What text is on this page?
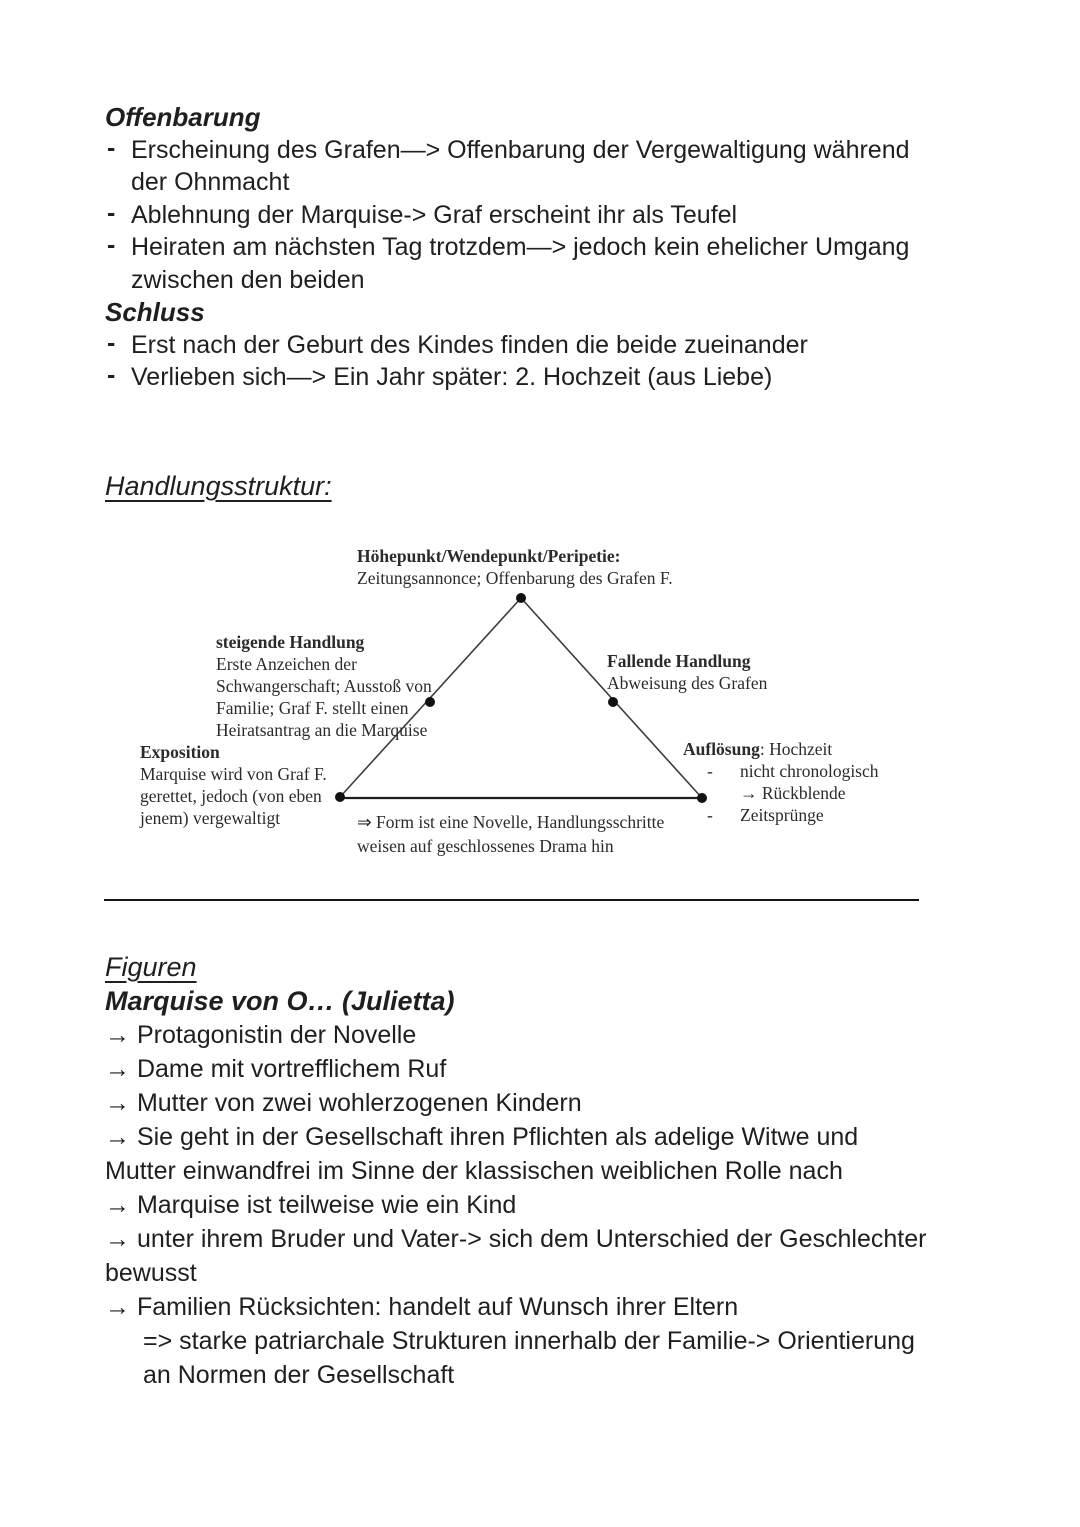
Offenbarung
- Erscheinung des Grafen—> Offenbarung der Vergewaltigung während
der Ohnmacht
- Ablehnung der Marquise-> Graf erscheint ihr als Teufel
- Heiraten am nächsten Tag trotzdem—> jedoch kein ehelicher Umgang
zwischen den beiden
Schluss
- Erst nach der Geburt des Kindes finden die beide zueinander
- Verlieben sich—> Ein Jahr später: 2. Hochzeit (aus Liebe)
Handlungsstruktur:
Höhepunkt/Wendepunkt/Peripetie:
Zeitungsannonce; Offenbarung des Grafen F.
steigende Handlung
Erste Anzeichen der
Schwangerschaft; Ausstoß von
Familie; Graf F. stellt einen
Heiratsantrag an die Marquise
Exposition
Marquise wird von Graf F.
gerettet, jedoch (von eben
jenem) vergewaltigt
Fallende Handlung
Abweisung des Grafen
Auflösung: Hochzeit
- nicht chronologisch
→ Rückblende
- Zeitsprünge
⇒ Form ist eine Novelle, Handlungsschritte
weisen auf geschlossenes Drama hin
Figuren
Marquise von O… (Julietta)
→ Protagonistin der Novelle
→ Dame mit vortrefflichem Ruf
→ Mutter von zwei wohlerzogenen Kindern
→ Sie geht in der Gesellschaft ihren Pflichten als adelige Witwe und
Mutter einwandfrei im Sinne der klassischen weiblichen Rolle nach
→ Marquise ist teilweise wie ein Kind
→ unter ihrem Bruder und Vater-> sich dem Unterschied der Geschlechter
bewusst
→ Familien Rücksichten: handelt auf Wunsch ihrer Eltern
=> starke patriarchale Strukturen innerhalb der Familie-> Orientierung
an Normen der Gesellschaft
